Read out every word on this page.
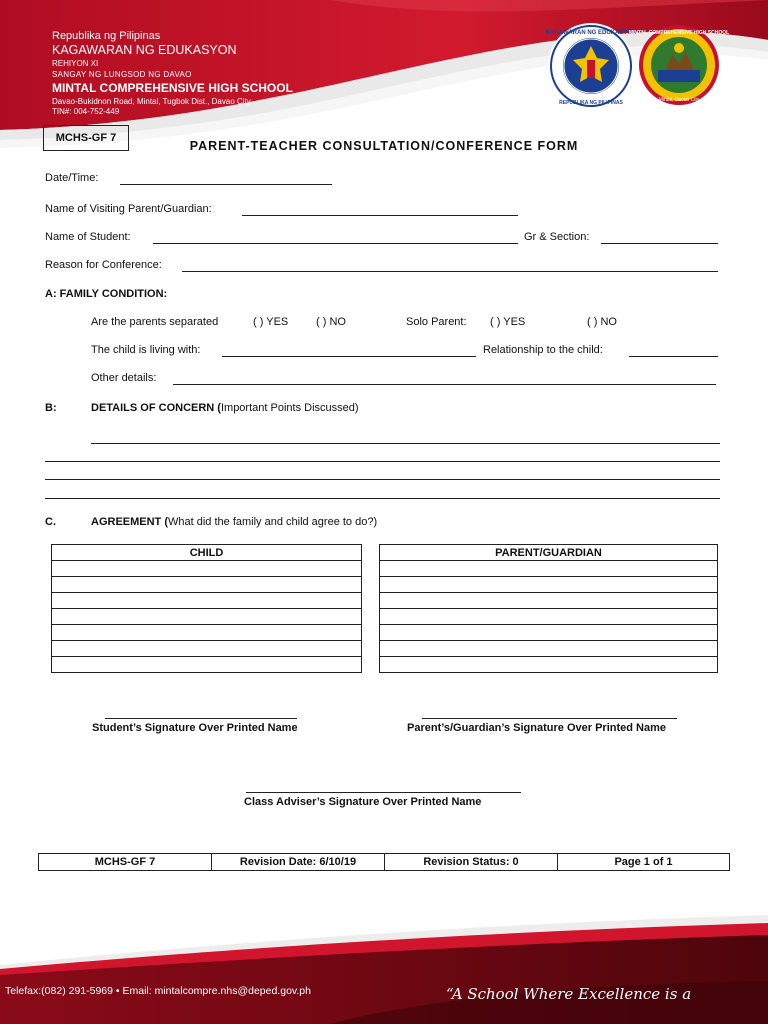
Republika ng Pilipinas
KAGAWARAN NG EDUKASYON
REHIYON XI
SANGAY NG LUNGSOD NG DAVAO
MINTAL COMPREHENSIVE HIGH SCHOOL
Davao-Bukidnon Road, Mintal, Tugbok Dist., Davao City
TIN#: 004-752-449
KAGAWARAN NG EDUKASYON
REPUBLIKA NG PILIPINAS
MINTAL COMPREHENSIVE HIGH SCHOOL
Mintal, Davao City
MCHS-GF 7
PARENT-TEACHER CONSULTATION/CONFERENCE FORM
Date/Time:
Name of Visiting Parent/Guardian:
Name of Student:	Gr & Section:
Reason for Conference:
A: FAMILY CONDITION:
Are the parents separated	( ) YES	( ) NO	Solo Parent: ( ) YES	( ) NO
The child is living with:	Relationship to the child:
Other details:
B:	DETAILS OF CONCERN (Important Points Discussed)
C.	AGREEMENT (What did the family and child agree to do?)
CHILD	PARENT/GUARDIAN

Student’s Signature Over Printed Name	Parent’s/Guardian’s Signature Over Printed Name
Class Adviser’s Signature Over Printed Name
MCHS-GF 7	Revision Date: 6/10/19	Revision Status: 0	Page 1 of 1
Telefax:(082) 291-5969 • Email: mintalcompre.nhs@deped.gov.ph	“A School Where Excellence is a
